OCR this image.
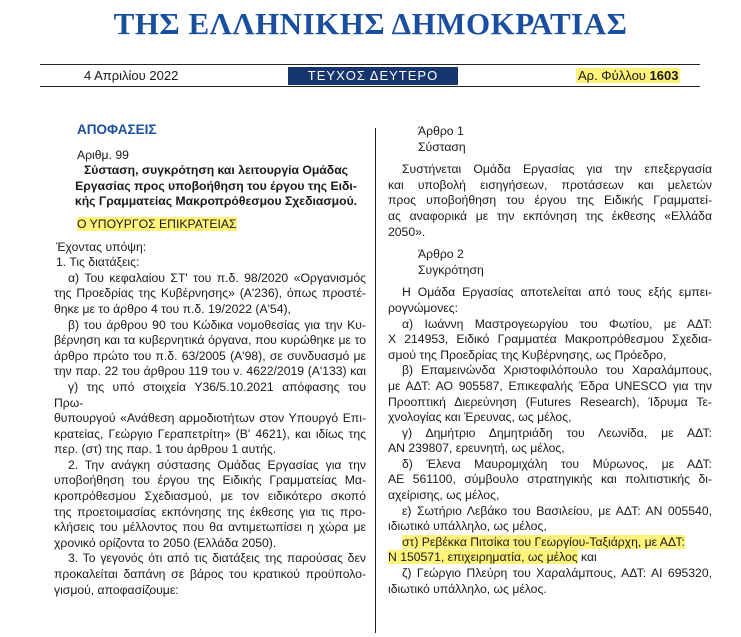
ΤΗΣ ΕΛΛΗΝΙΚΗΣ ΔΗΜΟΚΡΑΤΙΑΣ
4 Απριλίου 2022	ΤΕΥΧΟΣ ΔΕΥΤΕΡΟ	Αρ. Φύλλου 1603
ΑΠΟΦΑΣΕΙΣ

Αριθμ. 99

Σύσταση, συγκρότηση και λειτουργία Ομάδας

Εργασίας προς υποβοήθηση του έργου της Ειδι-

κής Γραμματείας Μακροπρόθεσμου Σχεδιασμού.

Ο ΥΠΟΥΡΓΟΣ ΕΠΙΚΡΑΤΕΙΑΣ

Έχοντας υπόψη:

1. Τις διατάξεις:

α) Του κεφαλαίου ΣΤ' του π.δ. 98/2020 «Οργανισμός

της Προεδρίας της Κυβέρνησης» (Α'236), όπως προστέ-

θηκε με το άρθρο 4 του π.δ. 19/2022 (Α'54),

β) του άρθρου 90 του Κώδικα νομοθεσίας για την Κυ-

βέρνηση και τα κυβερνητικά όργανα, που κυρώθηκε με το

άρθρο πρώτο του π.δ. 63/2005 (Α'98), σε συνδυασμό με

την παρ. 22 του άρθρου 119 του ν. 4622/2019 (Α'133) και

γ) της υπό στοιχεία Υ36/5.10.2021 απόφασης του Πρω-

θυπουργού «Ανάθεση αρμοδιοτήτων στον Υπουργό Επι-

κρατείας, Γεώργιο Γεραπετρίτη» (Β' 4621), και ιδίως της

περ. (στ) της παρ. 1 του άρθρου 1 αυτής.

2. Την ανάγκη σύστασης Ομάδας Εργασίας για την

υποβοήθηση του έργου της Ειδικής Γραμματείας Μα-

κροπρόθεσμου Σχεδιασμού, με τον ειδικότερο σκοπό

της προετοιμασίας εκπόνησης της έκθεσης για τις προ-

κλήσεις του μέλλοντος που θα αντιμετωπίσει η χώρα με

χρονικό ορίζοντα το 2050 (Ελλάδα 2050).

3. Το γεγονός ότι από τις διατάξεις της παρούσας δεν

προκαλείται δαπάνη σε βάρος του κρατικού προϋπολο-

γισμού, αποφασίζουμε:

Άρθρο 1

Σύσταση

Συστήνεται Ομάδα Εργασίας για την επεξεργασία

και υποβολή εισηγήσεων, προτάσεων και μελετών

προς υποβοήθηση του έργου της Ειδικής Γραμματεί-

ας αναφορικά με την εκπόνηση της έκθεσης «Ελλάδα

2050».

Άρθρο 2

Συγκρότηση

Η Ομάδα Εργασίας αποτελείται από τους εξής εμπει-

ρογνώμονες:

α) Ιωάννη Μαστρογεωργίου του Φωτίου, με ΑΔΤ:

Χ 214953, Ειδικό Γραμματέα Μακροπρόθεσμου Σχεδια-

σμού της Προεδρίας της Κυβέρνησης, ως Πρόεδρο,

β) Επαμεινώνδα Χριστοφιλόπουλο του Χαραλάμπους,

με ΑΔΤ: ΑΟ 905587, Επικεφαλής Έδρα UNESCO για την

Προοπτική Διερεύνηση (Futures Research), Ίδρυμα Τε-

χνολογίας και Έρευνας, ως μέλος,

γ) Δημήτριο Δημητριάδη του Λεωνίδα, με ΑΔΤ:

ΑΝ 239807, ερευνητή, ως μέλος,

δ) Έλενα Μαυρομιχάλη του Μύρωνος, με ΑΔΤ:

ΑΕ 561100, σύμβουλο στρατηγικής και πολιτιστικής δι-

αχείρισης, ως μέλος,

ε) Σωτήριο Λεβάκο του Βασιλείου, με ΑΔΤ: ΑΝ 005540,

ιδιωτικό υπάλληλο, ως μέλος,

στ) Ρεβέκκα Πιτσίκα του Γεωργίου-Ταξιάρχη, με ΑΔΤ:

Ν 150571, επιχειρηματία, ως μέλος και

ζ) Γεώργιο Πλεύρη του Χαραλάμπους, ΑΔΤ: ΑΙ 695320,

ιδιωτικό υπάλληλο, ως μέλος.
